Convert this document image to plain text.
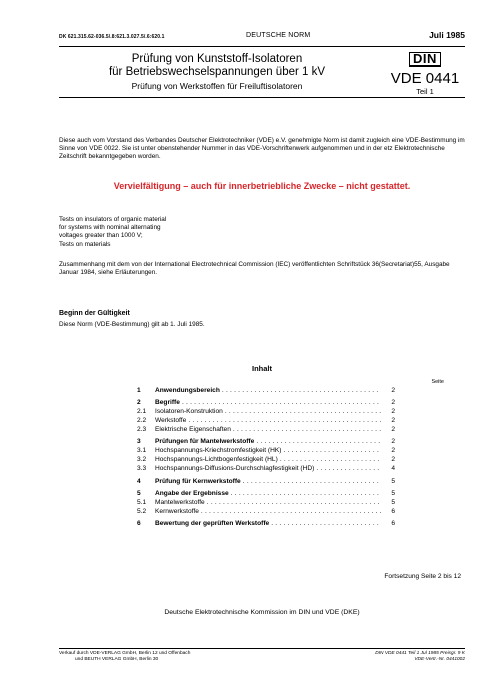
DK 621.315.62-036.5/.8:621.3.027.5/.6:620.1	DEUTSCHE NORM	Juli 1985
Prüfung von Kunststoff-Isolatoren
für Betriebswechselspannungen über 1 kV
Prüfung von Werkstoffen für Freiluftisolatoren
DIN
VDE 0441
Teil 1

Diese auch vom Vorstand des Verbandes Deutscher Elektrotechniker (VDE) e.V. genehmigte Norm ist damit zugleich eine VDE-Bestimmung im Sinne von VDE 0022. Sie ist unter obenstehender Nummer in das VDE-Vorschriftenwerk aufgenommen und in der etz Elektrotechnische Zeitschrift bekanntgegeben worden.

Vervielfältigung – auch für innerbetriebliche Zwecke – nicht gestattet.
Tests on insulators of organic material
for systems with nominal alternating
voltages greater than 1000 V;
Tests on materials

Zusammenhang mit dem von der International Electrotechnical Commission (IEC) veröffentlichten Schriftstück 36(Secretariat)55, Ausgabe Januar 1984, siehe Erläuterungen.

Beginn der Gültigkeit

Diese Norm (VDE-Bestimmung) gilt ab 1. Juli 1985.

Inhalt
Seite
1	Anwendungsbereich . . .	2
2	Begriffe . . .	2
2.1	Isolatoren-Konstruktion . . .	2
2.2	Werkstoffe . . .	2
2.3	Elektrische Eigenschaften . . .	2
3	Prüfungen für Mantelwerkstoffe . . .	2
3.1	Hochspannungs-Kriechstromfestigkeit (HK) . . .	2
3.2	Hochspannungs-Lichtbogenfestigkeit (HL) . . .	2
3.3	Hochspannungs-Diffusions-Durchschlagfestigkeit (HD) . . .	4
4	Prüfung für Kernwerkstoffe . . .	5
5	Angabe der Ergebnisse . . .	5
5.1	Mantelwerkstoffe . . .	5
5.2	Kernwerkstoffe . . .	6
6	Bewertung der geprüften Werkstoffe . . .	6
Fortsetzung Seite 2 bis 12
Deutsche Elektrotechnische Kommission im DIN und VDE (DKE)
Verkauf durch VDE-VERLAG GmbH, Berlin 12 und Offenbach
und BEUTH VERLAG GmbH, Berlin 30
DIN VDE 0441 Teil 1 Jul 1985 Preisgr. 9 K
VDE-Vertr.-Nr. 0441002
